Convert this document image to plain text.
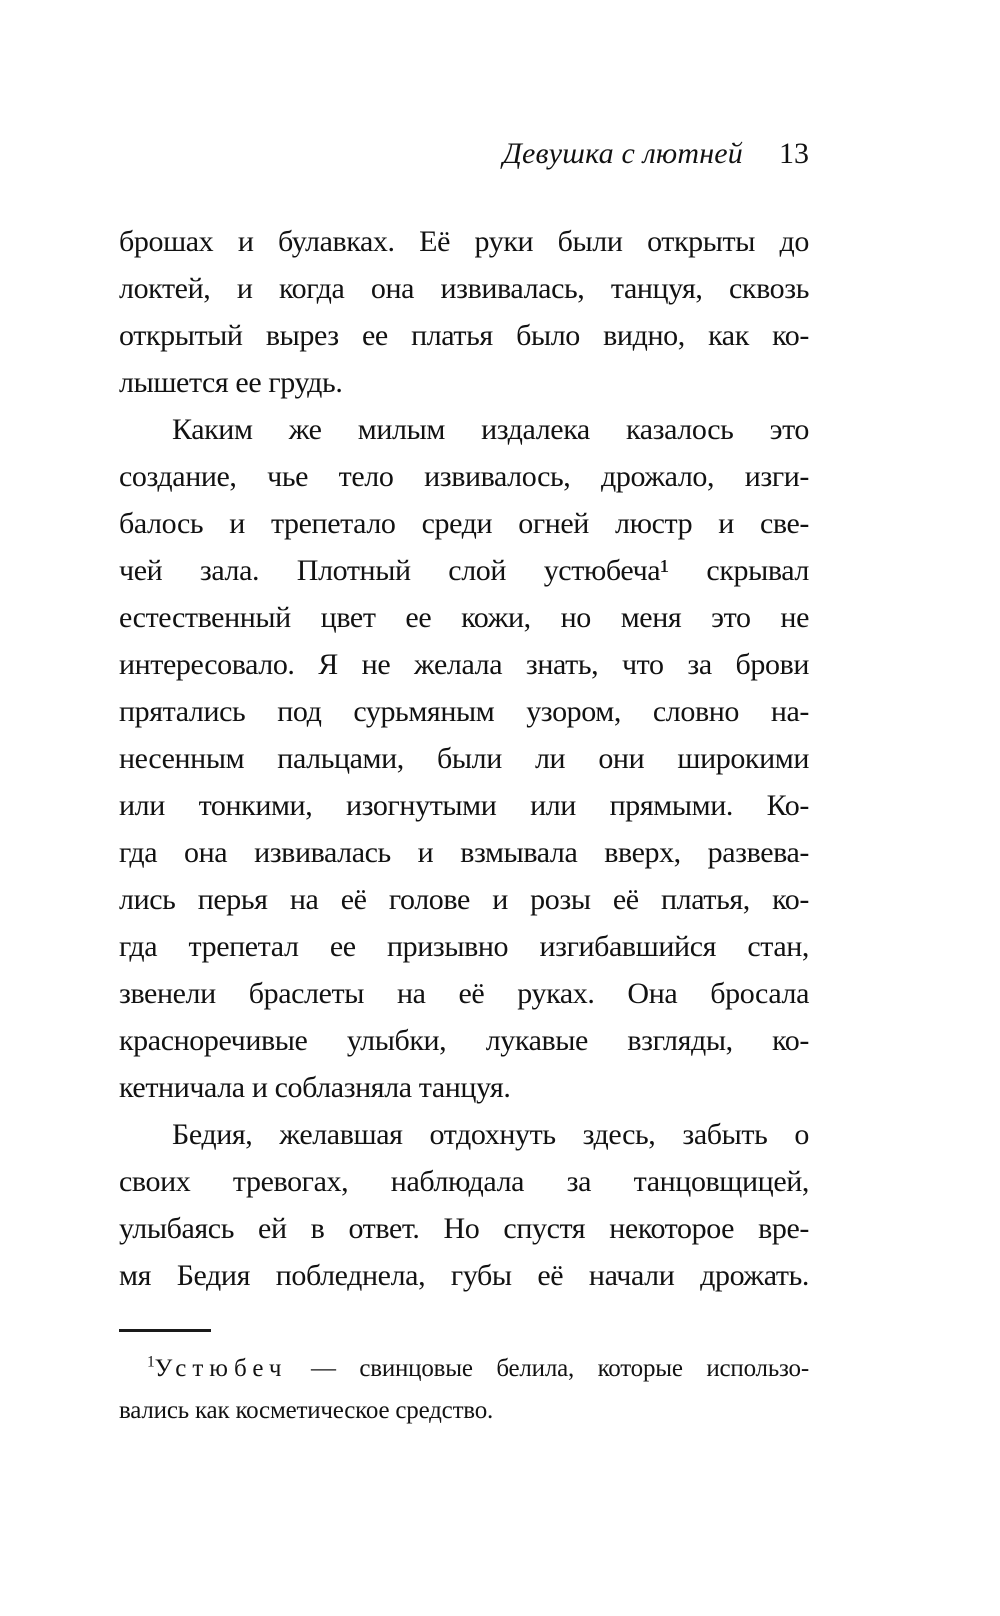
Девушка с лютней 13
брошах и булавках. Её руки были открыты до
локтей, и когда она извивалась, танцуя, сквозь
открытый вырез ее платья было видно, как ко-
лышется ее грудь.
Каким же милым издалека казалось это
создание, чье тело извивалось, дрожало, изги-
балось и трепетало среди огней люстр и све-
чей зала. Плотный слой устюбеча¹ скрывал
естественный цвет ее кожи, но меня это не
интересовало. Я не желала знать, что за брови
прятались под сурьмяным узором, словно на-
несенным пальцами, были ли они широкими
или тонкими, изогнутыми или прямыми. Ко-
гда она извивалась и взмывала вверх, развева-
лись перья на её голове и розы её платья, ко-
гда трепетал ее призывно изгибавшийся стан,
звенели браслеты на её руках. Она бросала
красноречивые улыбки, лукавые взгляды, ко-
кетничала и соблазняла танцуя.
Бедия, желавшая отдохнуть здесь, забыть о
своих тревогах, наблюдала за танцовщицей,
улыбаясь ей в ответ. Но спустя некоторое вре-
мя Бедия побледнела, губы её начали дрожать.
$^1$Устюбеч — свинцовые белила, которые использо-
вались как косметическое средство.
